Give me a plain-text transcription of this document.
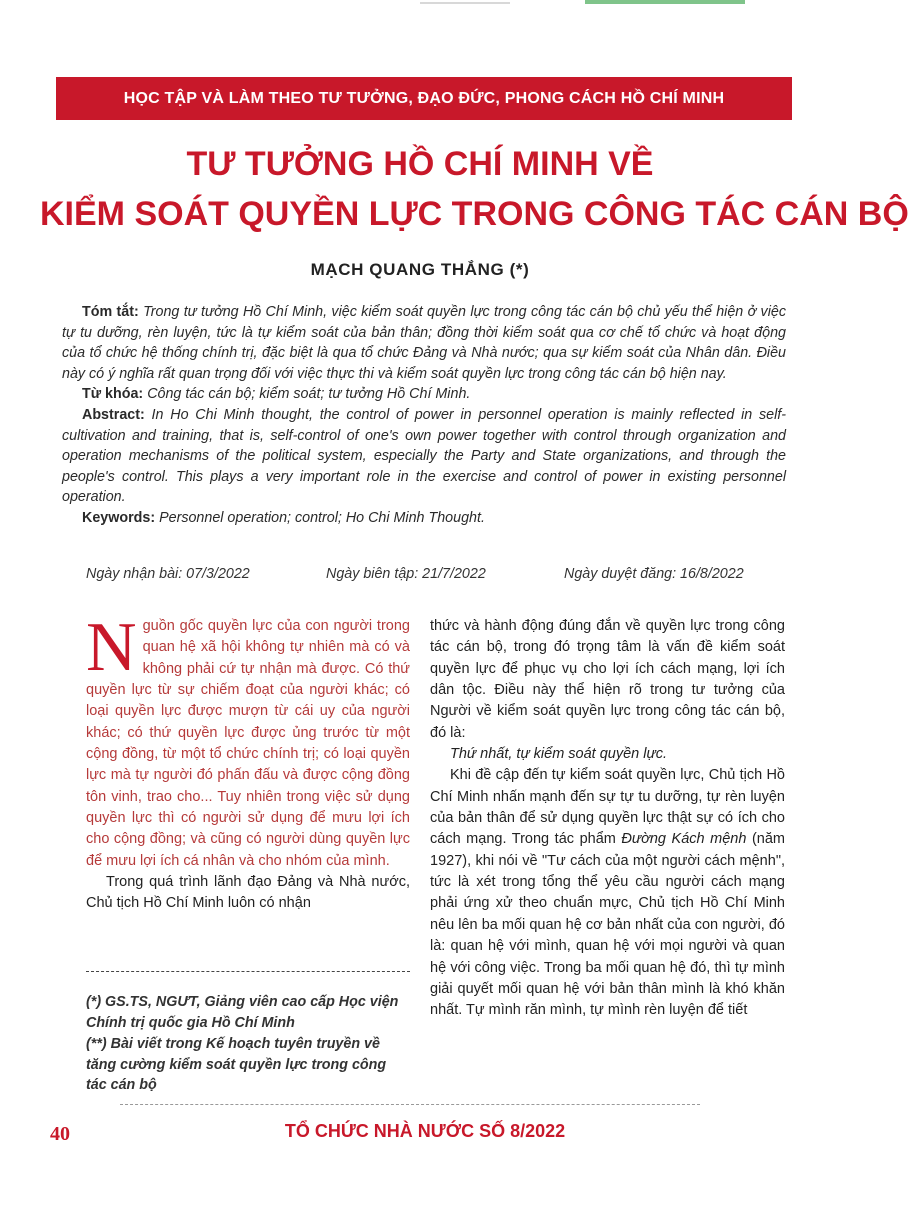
HỌC TẬP VÀ LÀM THEO TƯ TƯỞNG, ĐẠO ĐỨC, PHONG CÁCH HỒ CHÍ MINH
TƯ TƯỞNG HỒ CHÍ MINH VỀ
KIỂM SOÁT QUYỀN LỰC TRONG CÔNG TÁC CÁN BỘ
MẠCH QUANG THẮNG (*)

Tóm tắt: Trong tư tưởng Hồ Chí Minh, việc kiểm soát quyền lực trong công tác cán bộ chủ yếu thể hiện ở việc tự tu dưỡng, rèn luyện, tức là tự kiểm soát của bản thân; đồng thời kiểm soát qua cơ chế tổ chức và hoạt động của tổ chức hệ thống chính trị, đặc biệt là qua tổ chức Đảng và Nhà nước; qua sự kiểm soát của Nhân dân. Điều này có ý nghĩa rất quan trọng đối với việc thực thi và kiểm soát quyền lực trong công tác cán bộ hiện nay.

Từ khóa: Công tác cán bộ; kiểm soát; tư tưởng Hồ Chí Minh.

Abstract: In Ho Chi Minh thought, the control of power in personnel operation is mainly reflected in self-cultivation and training, that is, self-control of one's own power together with control through organization and operation mechanisms of the political system, especially the Party and State organizations, and through the people's control. This plays a very important role in the exercise and control of power in existing personnel operation.

Keywords: Personnel operation; control; Ho Chi Minh Thought.

Ngày nhận bài: 07/3/2022	Ngày biên tập: 21/7/2022	Ngày duyệt đăng: 16/8/2022

Nguồn gốc quyền lực của con người trong quan hệ xã hội không tự nhiên mà có và không phải cứ tự nhận mà được. Có thứ quyền lực từ sự chiếm đoạt của người khác; có loại quyền lực được mượn từ cái uy của người khác; có thứ quyền lực được ủng trước từ một cộng đồng, từ một tổ chức chính trị; có loại quyền lực mà tự người đó phấn đấu và được cộng đồng tôn vinh, trao cho... Tuy nhiên trong việc sử dụng quyền lực thì có người sử dụng để mưu lợi ích cho cộng đồng; và cũng có người dùng quyền lực để mưu lợi ích cá nhân và cho nhóm của mình.

Trong quá trình lãnh đạo Đảng và Nhà nước, Chủ tịch Hồ Chí Minh luôn có nhận

(*) GS.TS, NGƯT, Giảng viên cao cấp Học viện Chính trị quốc gia Hồ Chí Minh

(**) Bài viết trong Kế hoạch tuyên truyền về tăng cường kiểm soát quyền lực trong công tác cán bộ

thức và hành động đúng đắn về quyền lực trong công tác cán bộ, trong đó trọng tâm là vấn đề kiểm soát quyền lực để phục vụ cho lợi ích cách mạng, lợi ích dân tộc. Điều này thể hiện rõ trong tư tưởng của Người về kiểm soát quyền lực trong công tác cán bộ, đó là:

Thứ nhất, tự kiểm soát quyền lực.

Khi đề cập đến tự kiểm soát quyền lực, Chủ tịch Hồ Chí Minh nhấn mạnh đến sự tự tu dưỡng, tự rèn luyện của bản thân để sử dụng quyền lực thật sự có ích cho cách mạng. Trong tác phẩm Đường Kách mệnh (năm 1927), khi nói về "Tư cách của một người cách mệnh", tức là xét trong tổng thể yêu cầu người cách mạng phải ứng xử theo chuẩn mực, Chủ tịch Hồ Chí Minh nêu lên ba mối quan hệ cơ bản nhất của con người, đó là: quan hệ với mình, quan hệ với mọi người và quan hệ với công việc. Trong ba mối quan hệ đó, thì tự mình giải quyết mối quan hệ với bản thân mình là khó khăn nhất. Tự mình răn mình, tự mình rèn luyện để tiết

40	TỔ CHỨC NHÀ NƯỚC SỐ 8/2022
